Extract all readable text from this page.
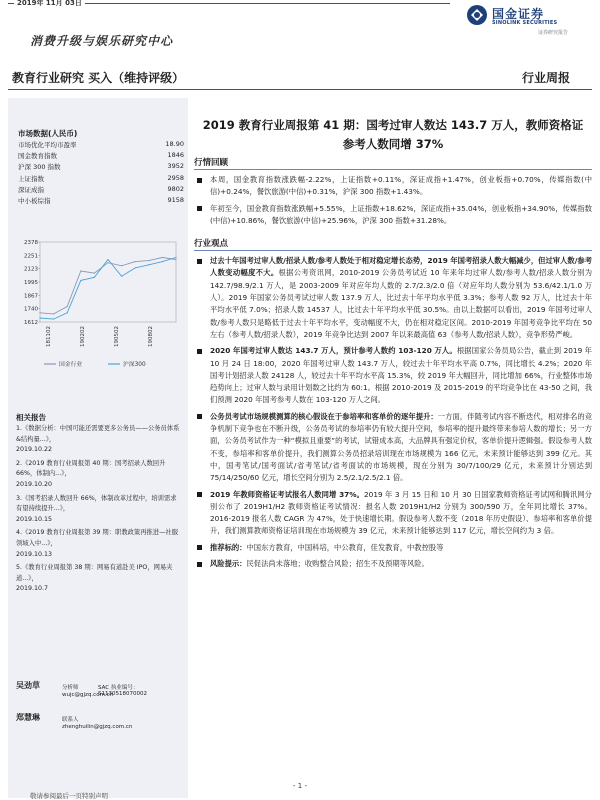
2019年 11月 03日
国金证券
SINOLINK SECURITIES
证券研究报告
消费升级与娱乐研究中心
教育行业研究 买入（维持评级）	行业周报
市场数据(人民币)
市场优化平均市盈率	18.90
国金教育指数	1846
沪深 300 指数	3952
上证指数	2958
深证成指	9802
中小板综指	9158
2378
2251
2123
1995
1867
1740
1612
181102	190202	190502	190802
国金行业	沪深300
相关报告
1.《数据分析：中国可能还需要更多公务员——公务员体系&结构量...》，
2019.10.22
2.《2019 教育行业周报第 40 期：国考招录人数回升 66%，体制内...》，
2019.10.20
3.《国考招录人数回升 66%，体制改革过程中，培训需求有望持续提升...》，
2019.10.15
4.《2019 教育行业周报第 39 期：职教政策再推进—社服领域入中...》，
2019.10.13
5.《教育行业周报第 38 期：网易有道赴美 IPO，网易夹道...》，
2019.10.7
吴劲草	分析师	SAC 执业编号：S1130518070002
wujc@gjzq.com.cn
郑慧琳	联系人
zhenghuilin@gjzq.com.cn
2019 教育行业周报第 41 期：国考过审人数达 143.7 万人，教师资格证参考人数同增 37%
行情回顾
本周，国金教育指数涨跌幅-2.22%，上证指数+0.11%，深证成指+1.47%，创业板指+0.70%，传媒指数(中信)+0.24%，餐饮旅游(中信)+0.31%，沪深 300 指数+1.43%。
年初至今，国金教育指数涨跌幅+5.55%，上证指数+18.62%，深证成指+35.04%，创业板指+34.90%，传媒指数(中信)+10.86%，餐饮旅游(中信)+25.96%，沪深 300 指数+31.28%。
行业观点
过去十年国考过审人数/招录人数/参考人数处于相对稳定增长态势，2019 年国考招录人数大幅减少，但过审人数/参考人数变动幅度不大。根据公考资讯网，2010-2019 公务员考试近 10 年来年均过审人数/参考人数/招录人数分别为 142.7/98.9/2.1 万人，是 2003-2009 年对应年均人数的 2.7/2.3/2.0 倍（对应年均人数分别为 53.6/42.1/1.0 万人）。2019 年国家公务员考试过审人数 137.9 万人，比过去十年平均水平低 3.3%；参考人数 92 万人，比过去十年平均水平低 7.0%；招录人数 14537 人，比过去十年平均水平低 30.5%。由以上数据可以看出，2019 年国考过审人数/参考人数只是略低于过去十年平均水平，变动幅度不大，仍在相对稳定区间。2010-2019 年国考竞争比平均在 50 左右（参考人数/招录人数），2019 年竞争比达到 2007 年以来最高值 63（参考人数/招录人数），竞争形势严峻。
2020 年国考过审人数达 143.7 万人，预计参考人数约 103-120 万人。根据国家公务员局公告，截止到 2019 年 10 月 24 日 18:00，2020 年国考过审人数 143.7 万人，较过去十年平均水平高 0.7%，同比增长 4.2%；2020 年国考计划招录人数 24128 人，较过去十年平均水平高 15.3%，较 2019 年大幅回升，同比增加 66%，行业整体市场趋势向上；过审人数与录用计划数之比约为 60:1。根据 2010-2019 及 2015-2019 的平均竞争比在 43-50 之间，我们预测 2020 年国考参考人数在 103-120 万人之间。
公务员考试市场规模测算的核心假设在于参培率和客单价的逐年提升：一方面，伴随考试内容不断迭代，相对排名的竞争机制下竞争也在不断升级，公务员考试的参培率仍有较大提升空间，参培率的提升最终带来参培人数的增长；另一方面，公务员考试作为一种“模拟且重要”的考试，试错成本高，大品牌具有强定价权，客单价提升逻辑强。假设参考人数不变，参培率和客单价提升，我们测算公务员招录培训现在市场规模为 166 亿元，未来预计能够达到 399 亿元。其中，国考笔试/国考面试/省考笔试/省考面试的市场规模，现在分别为 30/7/100/29 亿元，未来预计分别达到 75/14/250/60 亿元，增长空间分别为 2.5/2.1/2.5/2.1 倍。
2019 年教师资格证考试报名人数同增 37%。2019 年 3 月 15 日和 10 月 30 日国家教师资格证考试网和腾讯网分别公布了 2019H1/H2 教师资格证考试情况：报名人数 2019H1/H2 分别为 300/590 万，全年同比增长 37%。2016-2019 报名人数 CAGR 为 47%，处于快速增长期。假设参考人数不变（2018 年历史假设）、参培率和客单价提升，我们测算教师资格证培训现在市场规模为 39 亿元，未来预计能够达到 117 亿元，增长空间约为 3 倍。
推荐标的：中国东方教育，中国科培，中公教育，佳发教育，中教控股等
风险提示：民促法尚未落地；收购整合风险；招生不及预期等风险。
- 1 -
敬请参阅最后一页特别声明
